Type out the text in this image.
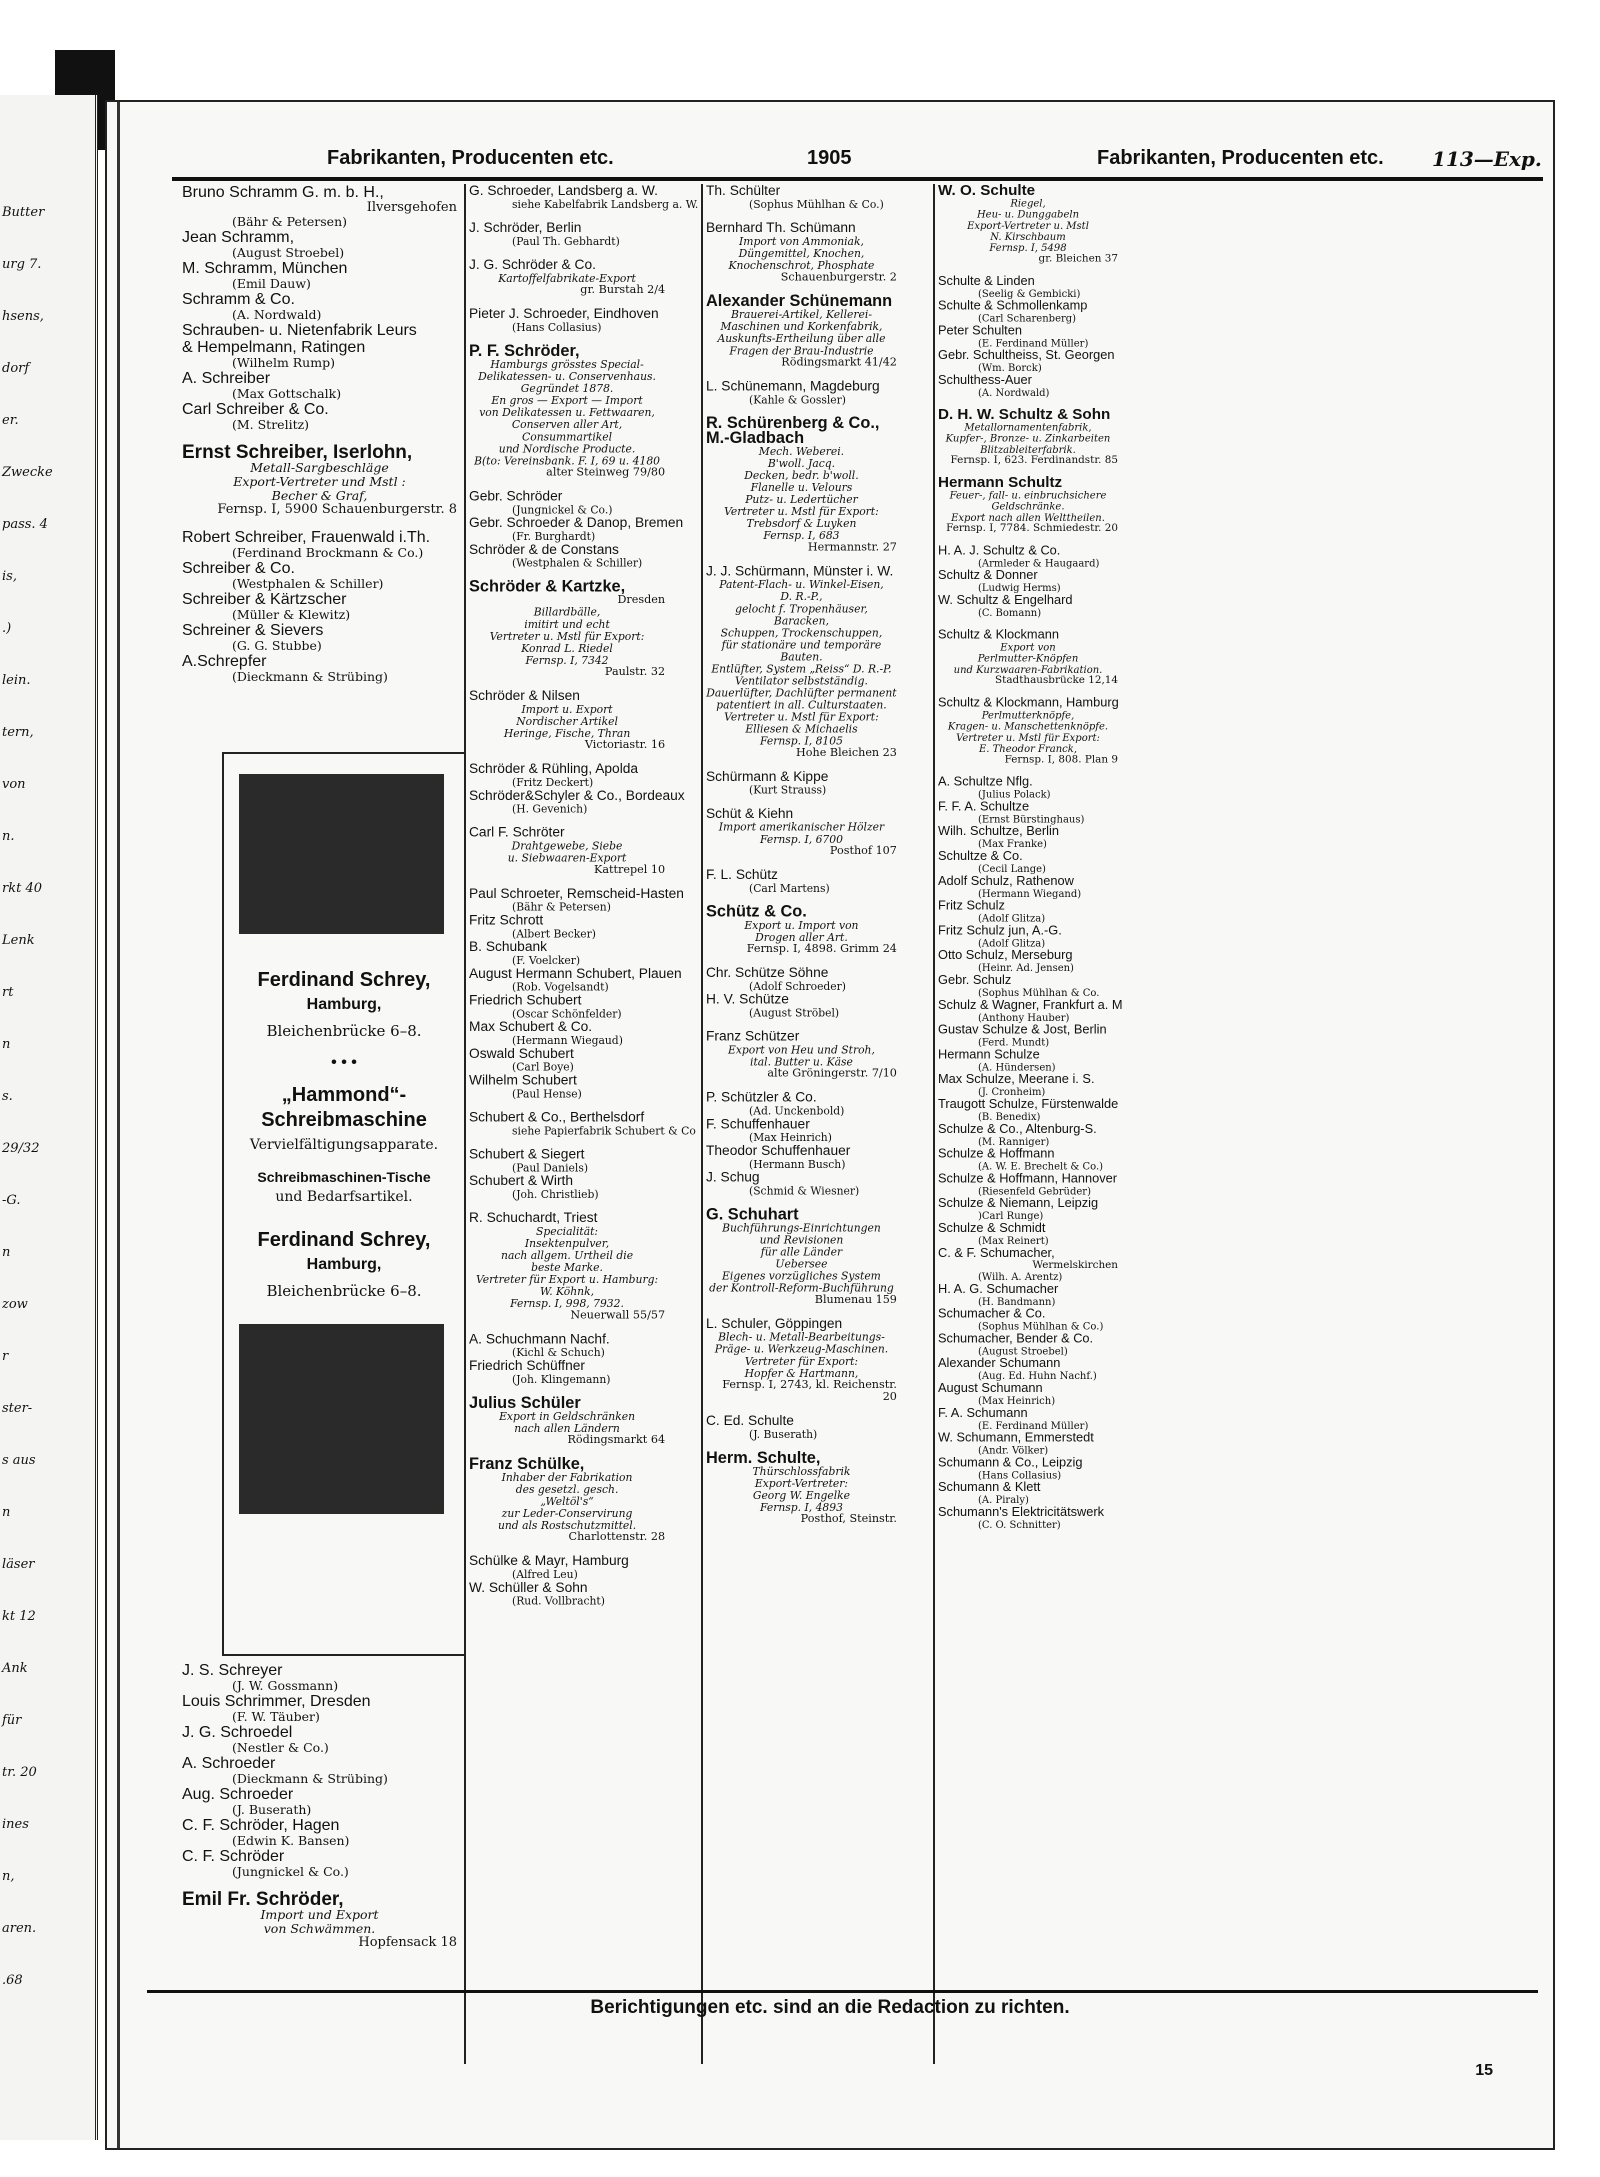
Butter
urg 7.
hsens,
dorf
er.
Zwecke
pass. 4
is,
.)
lein.
tern,
von
n.
rkt 40
Lenk
rt
n
s.
29/32
-G.
n
zow
r
ster-
s aus
n
läser
kt 12
Ank
für
tr. 20
ines
n,
aren.
.68
Fabrikanten, Producenten etc.	1905	Fabrikanten, Producenten etc. 113—Exp.
Bruno Schramm G. m. b. H.,
Ilversgehofen
(Bähr & Petersen)
Jean Schramm,
(August Stroebel)
M. Schramm, München
(Emil Dauw)
Schramm & Co.
(A. Nordwald)
Schrauben- u. Nietenfabrik Leurs
& Hempelmann, Ratingen
(Wilhelm Rump)
A. Schreiber
(Max Gottschalk)
Carl Schreiber & Co.
(M. Strelitz)
Ernst Schreiber, Iserlohn,
Metall-Sargbeschläge
Export-Vertreter und Mstl :
Becher & Graf,
Fernsp. I, 5900 Schauenburgerstr. 8
Robert Schreiber, Frauenwald i.Th.
(Ferdinand Brockmann & Co.)
Schreiber & Co.
(Westphalen & Schiller)
Schreiber & Kärtzscher
(Müller & Klewitz)
Schreiner & Sievers
(G. G. Stubbe)
A.Schrepfer
(Dieckmann & Strübing)
Ferdinand Schrey,
Hamburg,
Bleichenbrücke 6–8.
• • •
„Hammond“-
Schreibmaschine
Vervielfältigungsapparate.
Schreibmaschinen-Tische
und Bedarfsartikel.
Ferdinand Schrey,
Hamburg,
Bleichenbrücke 6–8.
J. S. Schreyer
(J. W. Gossmann)
Louis Schrimmer, Dresden
(F. W. Täuber)
J. G. Schroedel
(Nestler & Co.)
A. Schroeder
(Dieckmann & Strübing)
Aug. Schroeder
(J. Buserath)
C. F. Schröder, Hagen
(Edwin K. Bansen)
C. F. Schröder
(Jungnickel & Co.)
Emil Fr. Schröder,
Import und Export
von Schwämmen.
Hopfensack 18
G. Schroeder, Landsberg a. W.
siehe Kabelfabrik Landsberg a. W.
J. Schröder, Berlin
(Paul Th. Gebhardt)
J. G. Schröder & Co.
Kartoffelfabrikate-Export
gr. Burstah 2/4
Pieter J. Schroeder, Eindhoven
(Hans Collasius)
P. F. Schröder,
Hamburgs grösstes Special-
Delikatessen- u. Conservenhaus.
Gegründet 1878.
En gros — Export — Import
von Delikatessen u. Fettwaaren,
Conserven aller Art, Consummartikel
und Nordische Producte.
B(to: Vereinsbank. F. I, 69 u. 4180
alter Steinweg 79/80
Gebr. Schröder
(Jungnickel & Co.)
Gebr. Schroeder & Danop, Bremen
(Fr. Burghardt)
Schröder & de Constans
(Westphalen & Schiller)
Schröder & Kartzke,
Dresden
Billardbälle,
imitirt und echt
Vertreter u. Mstl für Export:
Konrad L. Riedel
Fernsp. I, 7342
Paulstr. 32
Schröder & Nilsen
Import u. Export
Nordischer Artikel
Heringe, Fische, Thran
Victoriastr. 16
Schröder & Rühling, Apolda
(Fritz Deckert)
Schröder&Schyler & Co., Bordeaux
(H. Gevenich)
Carl F. Schröter
Drahtgewebe, Siebe
u. Siebwaaren-Export
Kattrepel 10
Paul Schroeter, Remscheid-Hasten
(Bähr & Petersen)
Fritz Schrott
(Albert Becker)
B. Schubank
(F. Voelcker)
August Hermann Schubert, Plauen
(Rob. Vogelsandt)
Friedrich Schubert
(Oscar Schönfelder)
Max Schubert & Co.
(Hermann Wiegaud)
Oswald Schubert
(Carl Boye)
Wilhelm Schubert
(Paul Hense)
Schubert & Co., Berthelsdorf
siehe Papierfabrik Schubert & Co
Schubert & Siegert
(Paul Daniels)
Schubert & Wirth
(Joh. Christlieb)
R. Schuchardt, Triest
Specialität:
Insektenpulver,
nach allgem. Urtheil die
beste Marke.
Vertreter für Export u. Hamburg:
W. Köhnk,
Fernsp. I, 998, 7932.
Neuerwall 55/57
A. Schuchmann Nachf.
(Kichl & Schuch)
Friedrich Schüffner
(Joh. Klingemann)
Julius Schüler
Export in Geldschränken
nach allen Ländern
Rödingsmarkt 64
Franz Schülke,
Inhaber der Fabrikation
des gesetzl. gesch.
„Weltöl's“
zur Leder-Conservirung
und als Rostschutzmittel.
Charlottenstr. 28
Schülke & Mayr, Hamburg
(Alfred Leu)
W. Schüller & Sohn
(Rud. Vollbracht)
Th. Schülter
(Sophus Mühlhan & Co.)
Bernhard Th. Schümann
Import von Ammoniak,
Düngemittel, Knochen,
Knochenschrot, Phosphate
Schauenburgerstr. 2
Alexander Schünemann
Brauerei-Artikel, Kellerei-
Maschinen und Korkenfabrik,
Auskunfts-Ertheilung über alle
Fragen der Brau-Industrie
Rödingsmarkt 41/42
L. Schünemann, Magdeburg
(Kahle & Gossler)
R. Schürenberg & Co.,
M.-Gladbach
Mech. Weberei.
B'woll. Jacq.
Decken, bedr. b'woll.
Flanelle u. Velours
Putz- u. Ledertücher
Vertreter u. Mstl für Export:
Trebsdorf & Luyken
Fernsp. I, 683
Hermannstr. 27
J. J. Schürmann, Münster i. W.
Patent-Flach- u. Winkel-Eisen,
D. R.-P.,
gelocht f. Tropenhäuser, Baracken,
Schuppen, Trockenschuppen,
für stationäre und temporäre
Bauten.
Entlüfter, System „Reiss“ D. R.-P.
Ventilator selbstständig.
Dauerlüfter, Dachlüfter permanent
patentiert in all. Culturstaaten.
Vertreter u. Mstl für Export:
Elliesen & Michaelis
Fernsp. I, 8105
Hohe Bleichen 23
Schürmann & Kippe
(Kurt Strauss)
Schüt & Kiehn
Import amerikanischer Hölzer
Fernsp. I, 6700
Posthof 107
F. L. Schütz
(Carl Martens)
Schütz & Co.
Export u. Import von
Drogen aller Art.
Fernsp. I, 4898. Grimm 24
Chr. Schütze Söhne
(Adolf Schroeder)
H. V. Schütze
(August Ströbel)
Franz Schützer
Export von Heu und Stroh,
ital. Butter u. Käse
alte Gröningerstr. 7/10
P. Schützler & Co.
(Ad. Unckenbold)
F. Schuffenhauer
(Max Heinrich)
Theodor Schuffenhauer
(Hermann Busch)
J. Schug
(Schmid & Wiesner)
G. Schuhart
Buchführungs-Einrichtungen
und Revisionen
für alle Länder
Uebersee
Eigenes vorzügliches System
der Kontroll-Reform-Buchführung
Blumenau 159
L. Schuler, Göppingen
Blech- u. Metall-Bearbeitungs-
Präge- u. Werkzeug-Maschinen.
Vertreter für Export:
Hopfer & Hartmann,
Fernsp. I, 2743, kl. Reichenstr. 20
C. Ed. Schulte
(J. Buserath)
Herm. Schulte,
Thürschlossfabrik
Export-Vertreter:
Georg W. Engelke
Fernsp. I, 4893
Posthof, Steinstr.
W. O. Schulte
Riegel,
Heu- u. Dunggabeln
Export-Vertreter u. Mstl
N. Kirschbaum
Fernsp. I, 5498
gr. Bleichen 37
Schulte & Linden
(Seelig & Gembicki)
Schulte & Schmollenkamp
(Carl Scharenberg)
Peter Schulten
(E. Ferdinand Müller)
Gebr. Schultheiss, St. Georgen
(Wm. Borck)
Schulthess-Auer
(A. Nordwald)
D. H. W. Schultz & Sohn
Metallornamentenfabrik,
Kupfer-, Bronze- u. Zinkarbeiten
Blitzableiterfabrik.
Fernsp. I, 623. Ferdinandstr. 85
Hermann Schultz
Feuer-, fall- u. einbruchsichere
Geldschränke.
Export nach allen Welttheilen.
Fernsp. I, 7784. Schmiedestr. 20
H. A. J. Schultz & Co.
(Armleder & Haugaard)
Schultz & Donner
(Ludwig Herms)
W. Schultz & Engelhard
(C. Bomann)
Schultz & Klockmann
Export von
Perlmutter-Knöpfen
und Kurzwaaren-Fabrikation.
Stadthausbrücke 12,14
Schultz & Klockmann, Hamburg
Perlmutterknöpfe,
Kragen- u. Manschettenknöpfe.
Vertreter u. Mstl für Export:
E. Theodor Franck,
Fernsp. I, 808. Plan 9
A. Schultze Nflg.
(Julius Polack)
F. F. A. Schultze
(Ernst Bürstinghaus)
Wilh. Schultze, Berlin
(Max Franke)
Schultze & Co.
(Cecil Lange)
Adolf Schulz, Rathenow
(Hermann Wiegand)
Fritz Schulz
(Adolf Glitza)
Fritz Schulz jun, A.-G.
(Adolf Glitza)
Otto Schulz, Merseburg
(Heinr. Ad. Jensen)
Gebr. Schulz
(Sophus Mühlhan & Co.
Schulz & Wagner, Frankfurt a. M
(Anthony Hauber)
Gustav Schulze & Jost, Berlin
(Ferd. Mundt)
Hermann Schulze
(A. Hündersen)
Max Schulze, Meerane i. S.
(J. Cronheim)
Traugott Schulze, Fürstenwalde
(B. Benedix)
Schulze & Co., Altenburg-S.
(M. Ranniger)
Schulze & Hoffmann
(A. W. E. Brechelt & Co.)
Schulze & Hoffmann, Hannover
(Riesenfeld Gebrüder)
Schulze & Niemann, Leipzig
)Carl Runge)
Schulze & Schmidt
(Max Reinert)
C. & F. Schumacher,
Wermelskirchen
(Wilh. A. Arentz)
H. A. G. Schumacher
(H. Bandmann)
Schumacher & Co.
(Sophus Mühlhan & Co.)
Schumacher, Bender & Co.
(August Stroebel)
Alexander Schumann
(Aug. Ed. Huhn Nachf.)
August Schumann
(Max Heinrich)
F. A. Schumann
(E. Ferdinand Müller)
W. Schumann, Emmerstedt
(Andr. Völker)
Schumann & Co., Leipzig
(Hans Collasius)
Schumann & Klett
(A. Piraly)
Schumann's Elektricitätswerk
(C. O. Schnitter)
Berichtigungen etc. sind an die Redaction zu richten.
15
